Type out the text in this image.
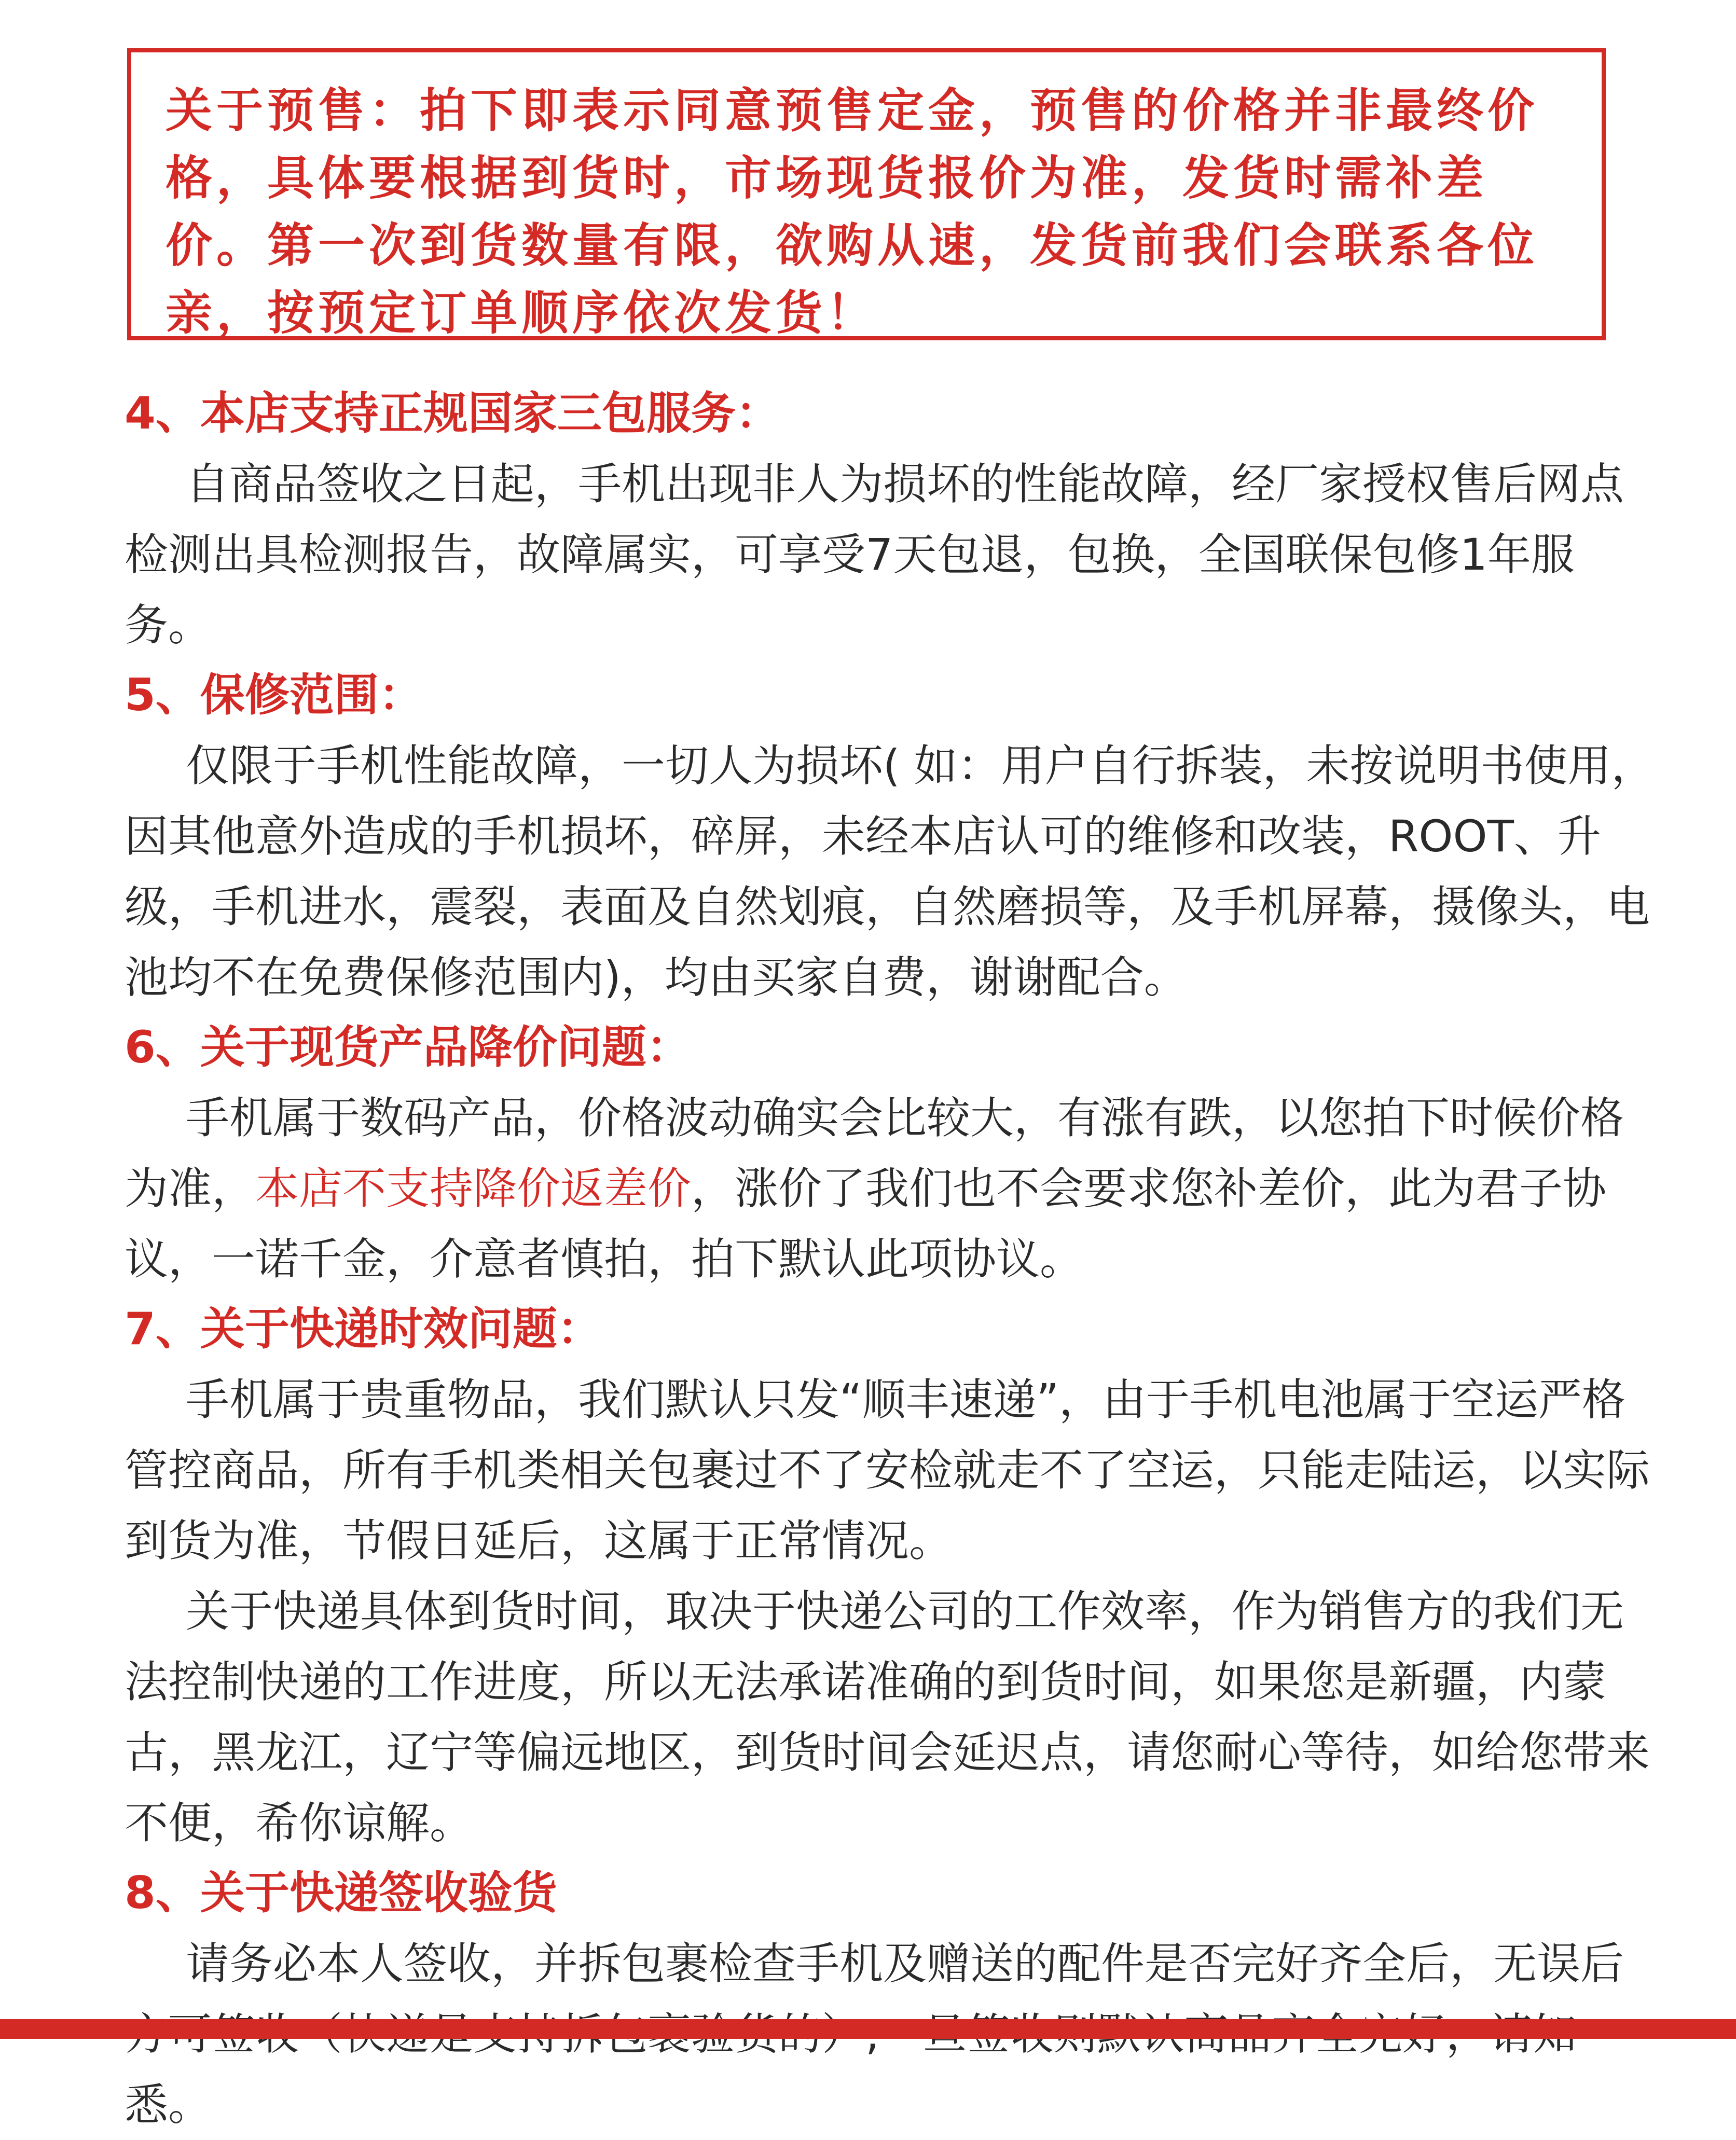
关于预售：拍下即表示同意预售定金，预售的价格并非最终价格，具体要根据到货时，市场现货报价为准，发货时需补差价。第一次到货数量有限，欲购从速，发货前我们会联系各位亲，按预定订单顺序依次发货！

4、本店支持正规国家三包服务：

自商品签收之日起，手机出现非人为损坏的性能故障，经厂家授权售后网点检测出具检测报告，故障属实，可享受7天包退，包换，全国联保包修1年服务。

5、保修范围：

仅限于手机性能故障，一切人为损坏( 如：用户自行拆装，未按说明书使用，因其他意外造成的手机损坏，碎屏，未经本店认可的维修和改装，ROOT、升级，手机进水，震裂，表面及自然划痕，自然磨损等，及手机屏幕，摄像头，电池均不在免费保修范围内)，均由买家自费，谢谢配合。

6、关于现货产品降价问题：

手机属于数码产品，价格波动确实会比较大，有涨有跌，以您拍下时候价格为准，本店不支持降价返差价，涨价了我们也不会要求您补差价，此为君子协议，一诺千金，介意者慎拍，拍下默认此项协议。

7、关于快递时效问题：

手机属于贵重物品，我们默认只发“顺丰速递”，由于手机电池属于空运严格管控商品，所有手机类相关包裹过不了安检就走不了空运，只能走陆运，以实际到货为准，节假日延后，这属于正常情况。

关于快递具体到货时间，取决于快递公司的工作效率，作为销售方的我们无法控制快递的工作进度，所以无法承诺准确的到货时间，如果您是新疆，内蒙古，黑龙江，辽宁等偏远地区，到货时间会延迟点，请您耐心等待，如给您带来不便，希你谅解。

8、关于快递签收验货

请务必本人签收，并拆包裹检查手机及赠送的配件是否完好齐全后，无误后 悉。
